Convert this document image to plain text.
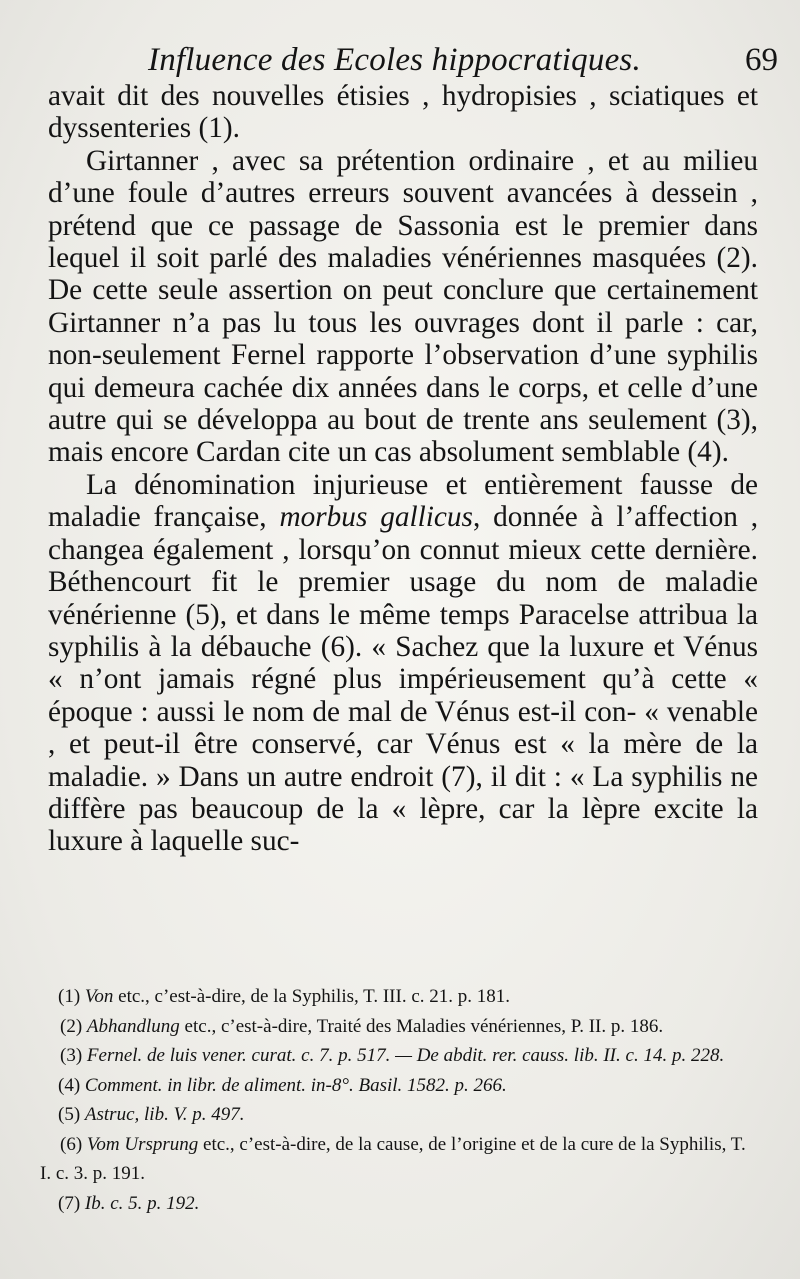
Influence des Ecoles hippocratiques.	69

avait dit des nouvelles étisies , hydropisies , sciatiques et dyssenteries (1).

Girtanner , avec sa prétention ordinaire , et au milieu d’une foule d’autres erreurs souvent avancées à dessein , prétend que ce passage de Sassonia est le premier dans lequel il soit parlé des maladies vénériennes masquées (2). De cette seule assertion on peut conclure que certainement Girtanner n’a pas lu tous les ouvrages dont il parle : car, non-seulement Fernel rapporte l’observation d’une syphilis qui demeura cachée dix années dans le corps, et celle d’une autre qui se développa au bout de trente ans seulement (3), mais encore Cardan cite un cas absolument semblable (4).

La dénomination injurieuse et entièrement fausse de maladie française, morbus gallicus, donnée à l’affection , changea également , lorsqu’on connut mieux cette dernière. Béthencourt fit le premier usage du nom de maladie vénérienne (5), et dans le même temps Paracelse attribua la syphilis à la débauche (6). « Sachez que la luxure et Vénus « n’ont jamais régné plus impérieusement qu’à cette « époque : aussi le nom de mal de Vénus est-il con- « venable , et peut-il être conservé, car Vénus est « la mère de la maladie. » Dans un autre endroit (7), il dit : « La syphilis ne diffère pas beaucoup de la « lèpre, car la lèpre excite la luxure à laquelle suc-

(1) Von etc., c’est-à-dire, de la Syphilis, T. III. c. 21. p. 181.

(2) Abhandlung etc., c’est-à-dire, Traité des Maladies vénériennes, P. II. p. 186.

(3) Fernel. de luis vener. curat. c. 7. p. 517. — De abdit. rer. causs. lib. II. c. 14. p. 228.

(4) Comment. in libr. de aliment. in-8°. Basil. 1582. p. 266.

(5) Astruc, lib. V. p. 497.

(6) Vom Ursprung etc., c’est-à-dire, de la cause, de l’origine et de la cure de la Syphilis, T. I. c. 3. p. 191.

(7) Ib. c. 5. p. 192.
